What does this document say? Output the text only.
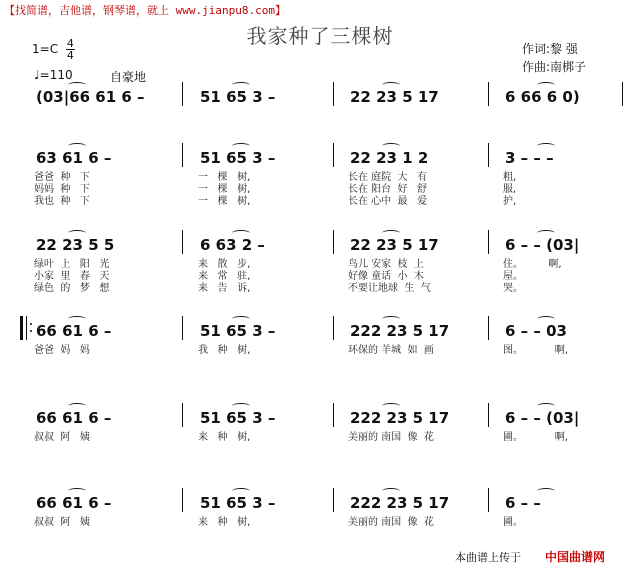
【找简谱，吉他谱，钢琴谱，就上 www.jianpu8.com】
我家种了三棵树
$1=C \frac{4}{4}$
♩=110	自豪地
作词:黎 强
作曲:南梆子
(03|66 61 6 –	51 65 3 –	22 23 5 17	6 66 6 0)
63 61 6 –	51 65 3 –	22 23 1 2	3 – – –
爸爸  种   下	一   棵   树,	长在 庭院  大   有	粗,
妈妈  种   下	一   棵   树,	长在 阳台  好   舒	服,
我也  种   下	一   棵   树,	长在 心中  最   爱	护,
22 23 5 5	6 63 2 –	22 23 5 17	6 – – (03|
绿叶  上   阳   光	来   散   步,	鸟儿 安家  枝  上	住。        啊,
小家  里   春   天	来   常   驻,	好像 童话  小  木	屋。
绿色  的   梦   想	来   告   诉,	不要让地球  生  气	哭。
66 61 6 –	51 65 3 –	222 23 5 17	6 – – 03
爸爸  妈   妈	我   种   树,	环保的 羊城  如  画	图。          啊,
66 61 6 –	51 65 3 –	222 23 5 17	6 – – (03|
叔叔  阿   姨	来   种   树,	美丽的 南国  像  花	圃。          啊,
66 61 6 –	51 65 3 –	222 23 5 17	6 – –
叔叔  阿   姨	来   种   树,	美丽的 南国  像  花	圃。
本曲谱上传于 中国曲谱网
